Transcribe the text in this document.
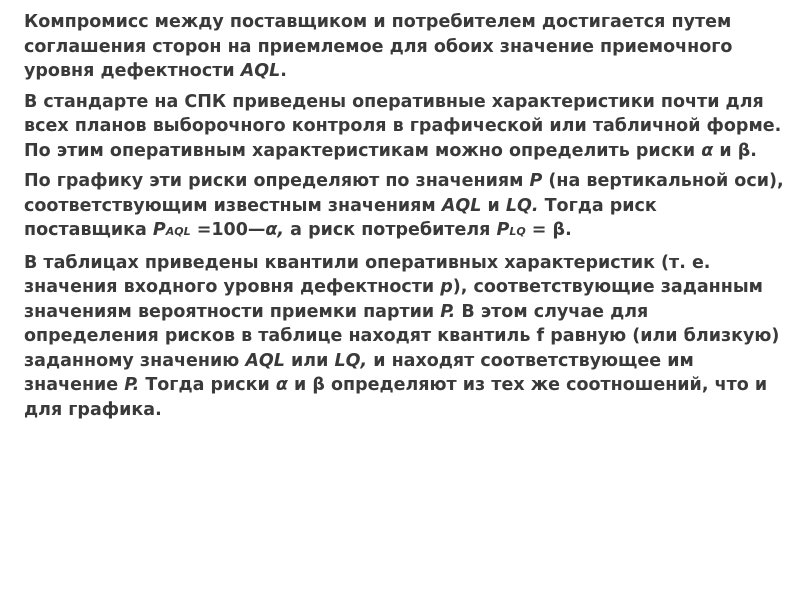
Компромисс между поставщиком и потребителем достигается путем соглашения сторон на приемлемое для обоих значение приемочного уровня дефектности AQL.

В стандарте на СПК приведены оперативные характеристики почти для всех планов выборочного контроля в графической или табличной форме. По этим оперативным характеристикам можно определить риски α и β.

По графику эти риски определяют по значениям P (на вертикальной оси), соответствующим известным значениям AQL и LQ. Тогда риск поставщика PAQL =100—α, а риск потребителя PLQ = β.

В таблицах приведены квантили оперативных характеристик (т. е. значения входного уровня дефектности p), соответствующие заданным значениям вероятности приемки партии P. В этом случае для определения рисков в таблице находят квантиль f равную (или близкую) заданному значению AQL или LQ, и находят соответствующее им значение P. Тогда риски α и β определяют из тех же соотношений, что и для графика.
